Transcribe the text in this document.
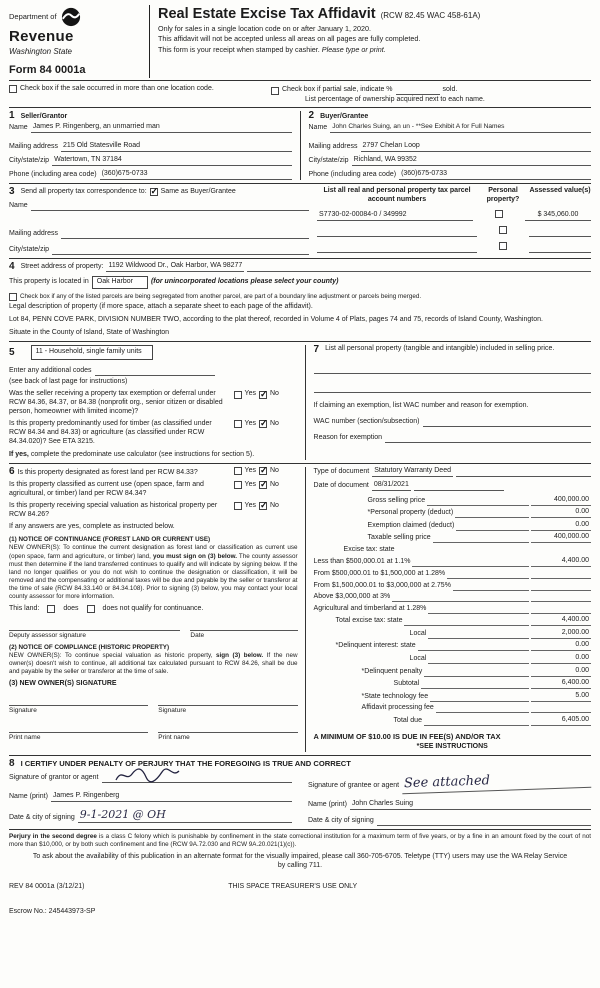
Department of
Revenue
Washington State
Form 84 0001a
Real Estate Excise Tax Affidavit (RCW 82.45 WAC 458-61A)
Only for sales in a single location code on or after January 1, 2020.
This affidavit will not be accepted unless all areas on all pages are fully completed.
This form is your receipt when stamped by cashier. Please type or print.
Check box if the sale occurred in more than one location code.	Check box if partial sale, indicate %	sold.
List percentage of ownership acquired next to each name.
1 Seller/Grantor
Name James P. Ringenberg, an unmarried man
Mailing address 215 Old Statesville Road
City/state/zip Watertown, TN 37184
Phone (including area code) (360)675-0733
2 Buyer/Grantee
Name John Charles Suing, an un - **See Exhibit A for Full Names
Mailing address 2797 Chelan Loop
City/state/zip Richland, WA 99352
Phone (including area code) (360)675-0733
3 Send all property tax correspondence to: ✓ Same as Buyer/Grantee
Name
Mailing address
City/state/zip
List all real and personal property tax parcel account numbers
Personal property?
Assessed value(s)
S7730-02-00084-0 / 349992	$ 345,060.00
4 Street address of property: 1192 Wildwood Dr., Oak Harbor, WA 98277
This property is located in	Oak Harbor	(for unincorporated locations please select your county)
Check box if any of the listed parcels are being segregated from another parcel, are part of a boundary line adjustment or parcels being merged.
Legal description of property (if more space, attach a separate sheet to each page of the affidavit).
Lot 84, PENN COVE PARK, DIVISION NUMBER TWO, according to the plat thereof, recorded in Volume 4 of Plats, pages 74 and 75, records of Island County, Washington.
Situate in the County of Island, State of Washington
5	11 - Household, single family units
Enter any additional codes
(see back of last page for instructions)
Was the seller receiving a property tax exemption or deferral under RCW 84.36, 84.37, or 84.38 (nonprofit org., senior citizen or disabled person, homeowner with limited income)?
Yes ✓ No
Is this property predominantly used for timber (as classified under RCW 84.34 and 84.33) or agriculture (as classified under RCW 84.34.020)? See ETA 3215.
Yes ✓ No
If yes, complete the predominate use calculator (see instructions for section 5).
7 List all personal property (tangible and intangible) included in selling price.
If claiming an exemption, list WAC number and reason for exemption.
WAC number (section/subsection)
Reason for exemption
6 Is this property designated as forest land per RCW 84.33?	Yes ✓ No
Is this property classified as current use (open space, farm and agricultural, or timber) land per RCW 84.34?
Yes ✓ No
Is this property receiving special valuation as historical property per RCW 84.26?
Yes ✓ No
If any answers are yes, complete as instructed below.
(1) NOTICE OF CONTINUANCE (FOREST LAND OR CURRENT USE)
NEW OWNER(S): To continue the current designation as forest land or classification as current use (open space, farm and agriculture, or timber) land, you must sign on (3) below. The county assessor must then determine if the land transferred continues to qualify and will indicate by signing below. If the land no longer qualifies or you do not wish to continue the designation or classification, it will be removed and the compensating or additional taxes will be due and payable by the seller or transferor at the time of sale (RCW 84.33.140 or 84.34.108). Prior to signing (3) below, you may contact your local county assessor for more information.
This land:	does	does not qualify for continuance.
Deputy assessor signature	Date
(2) NOTICE OF COMPLIANCE (HISTORIC PROPERTY)
NEW OWNER(S): To continue special valuation as historic property, sign (3) below. If the new owner(s) doesn't wish to continue, all additional tax calculated pursuant to RCW 84.26, shall be due and payable by the seller or transferor at the time of sale.
(3) NEW OWNER(S) SIGNATURE
Signature	Signature
Print name	Print name
Type of document Statutory Warranty Deed
Date of document 08/31/2021
Gross selling price	400,000.00
*Personal property (deduct)	0.00
Exemption claimed (deduct)	0.00
Taxable selling price	400,000.00
Excise tax: state
Less than $500,000.01 at 1.1%	4,400.00
From $500,000.01 to $1,500,000 at 1.28%
From $1,500,000.01 to $3,000,000 at 2.75%
Above $3,000,000 at 3%
Agricultural and timberland at 1.28%
Total excise tax: state	4,400.00
Local	2,000.00
*Delinquent interest: state	0.00
Local	0.00
*Delinquent penalty	0.00
Subtotal	6,400.00
*State technology fee	5.00
Affidavit processing fee
Total due	6,405.00
A MINIMUM OF $10.00 IS DUE IN FEE(S) AND/OR TAX
*SEE INSTRUCTIONS
8 I CERTIFY UNDER PENALTY OF PERJURY THAT THE FOREGOING IS TRUE AND CORRECT
Signature of grantor or agent
Name (print) James P. Ringenberg
Date & city of signing 9-1-2021 @ OH
Signature of grantee or agent See attached
Name (print) John Charles Suing
Date & city of signing
Perjury in the second degree is a class C felony which is punishable by confinement in the state correctional institution for a maximum term of five years, or by a fine in an amount fixed by the court of not more than $10,000, or by both such confinement and fine (RCW 9A.72.030 and RCW 9A.20.021(1)(c)).
To ask about the availability of this publication in an alternate format for the visually impaired, please call 360-705-6705. Teletype (TTY) users may use the WA Relay Service by calling 711.
REV 84 0001a (3/12/21)	THIS SPACE TREASURER'S USE ONLY
Escrow No.: 245443973-SP
